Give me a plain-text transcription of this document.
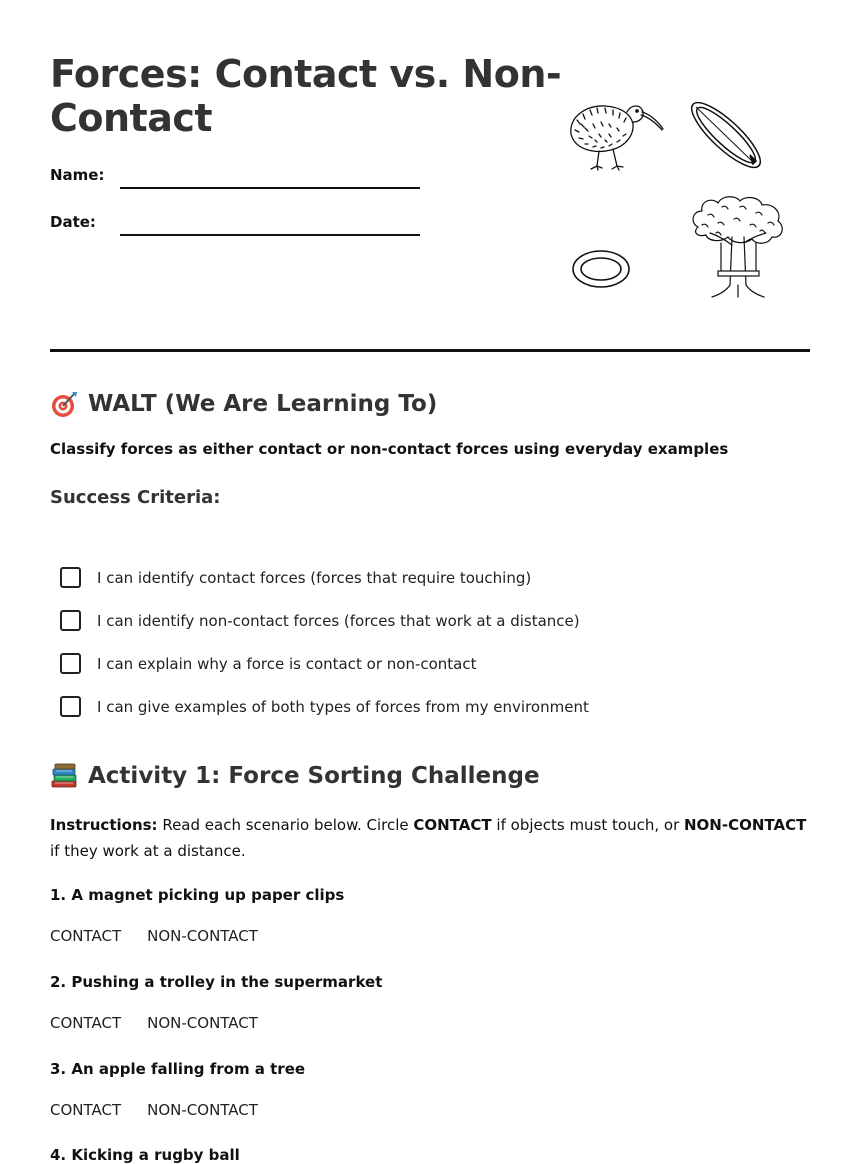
Forces: Contact vs. Non-Contact
Name:
Date:
WALT (We Are Learning To)
Classify forces as either contact or non-contact forces using everyday examples
Success Criteria:
I can identify contact forces (forces that require touching)
I can identify non-contact forces (forces that work at a distance)
I can explain why a force is contact or non-contact
I can give examples of both types of forces from my environment
Activity 1: Force Sorting Challenge
Instructions: Read each scenario below. Circle CONTACT if objects must touch, or NON-CONTACT if they work at a distance.
1. A magnet picking up paper clips
CONTACT NON-CONTACT
2. Pushing a trolley in the supermarket
CONTACT NON-CONTACT
3. An apple falling from a tree
CONTACT NON-CONTACT
4. Kicking a rugby ball
